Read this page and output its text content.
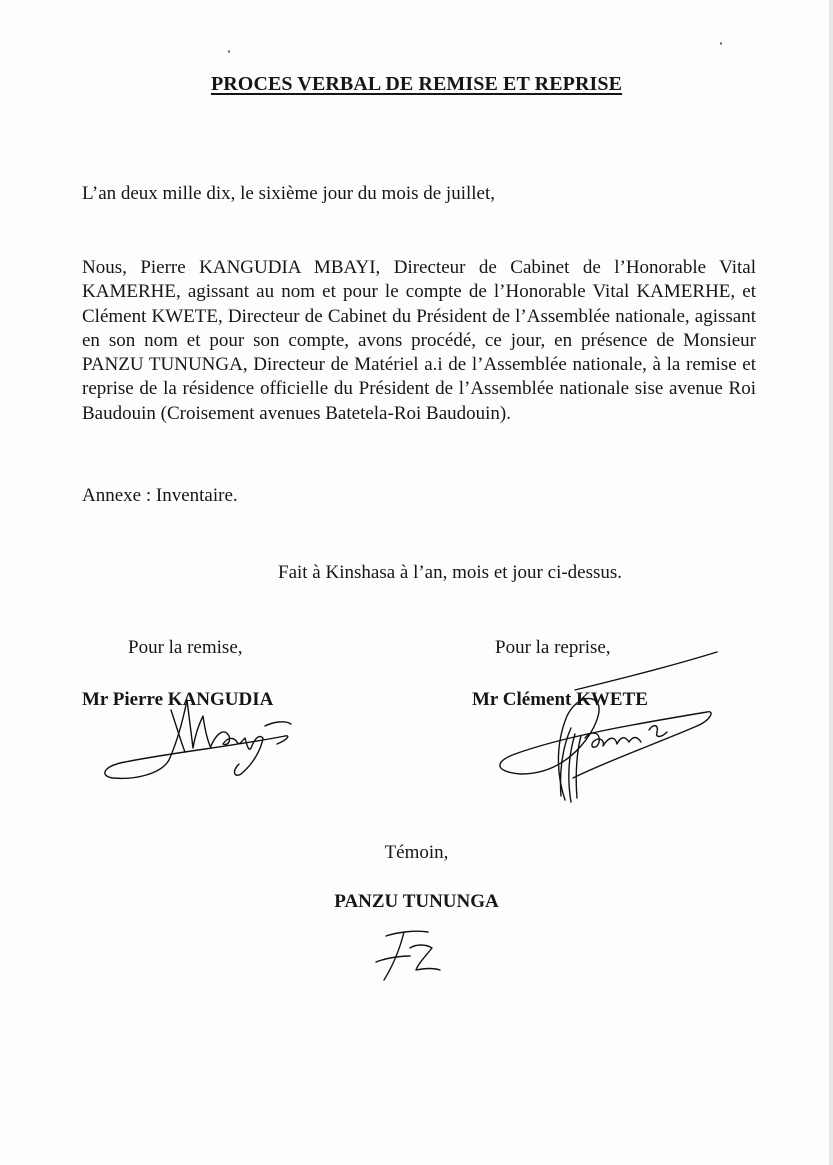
PROCES VERBAL DE REMISE ET REPRISE
L’an deux mille dix, le sixième jour du mois de juillet,
Nous, Pierre KANGUDIA MBAYI, Directeur de Cabinet de l’Honorable Vital KAMERHE, agissant au nom et pour le compte de l’Honorable Vital KAMERHE, et Clément KWETE, Directeur de Cabinet du Président de l’Assemblée nationale, agissant en son nom et pour son compte, avons procédé, ce jour, en présence de Monsieur PANZU TUNUNGA, Directeur de Matériel a.i de l’Assemblée nationale, à la remise et reprise de la résidence officielle du Président de l’Assemblée nationale sise avenue Roi Baudouin (Croisement avenues Batetela-Roi Baudouin).
Annexe : Inventaire.
Fait à Kinshasa à l’an, mois et jour ci-dessus.
Pour la remise,	Pour la reprise,
Mr Pierre KANGUDIA	Mr Clément KWETE
Témoin,
PANZU TUNUNGA
